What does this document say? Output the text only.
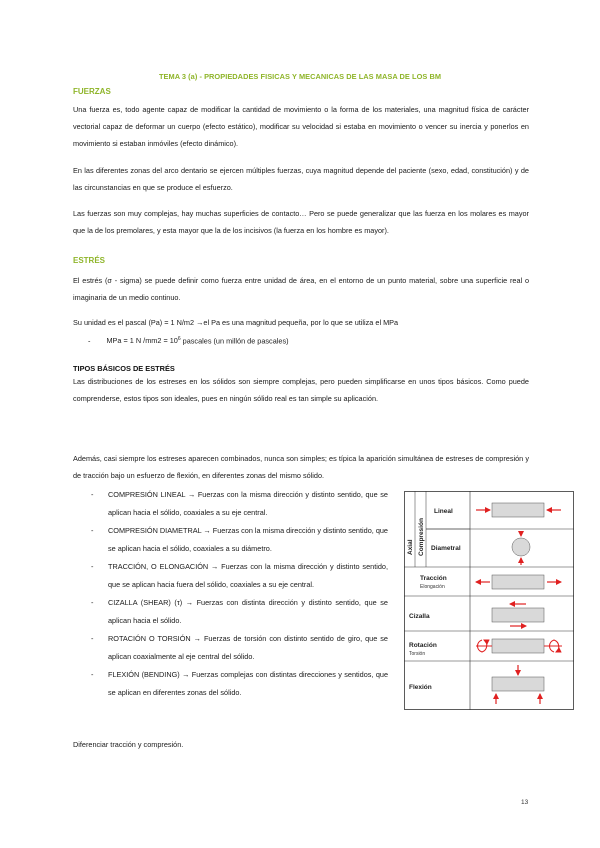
TEMA 3 (a) - PROPIEDADES FISICAS Y MECANICAS DE LAS MASA DE LOS BM
FUERZAS
Una fuerza es, todo agente capaz de modificar la cantidad de movimiento o la forma de los materiales, una magnitud física de carácter vectorial capaz de deformar un cuerpo (efecto estático), modificar su velocidad si estaba en movimiento o vencer su inercia y ponerlos en movimiento si estaban inmóviles (efecto dinámico).
En las diferentes zonas del arco dentario se ejercen múltiples fuerzas, cuya magnitud depende del paciente (sexo, edad, constitución) y de las circunstancias en que se produce el esfuerzo.
Las fuerzas son muy complejas, hay muchas superficies de contacto… Pero se puede generalizar que las fuerza en los molares es mayor que la de los premolares, y esta mayor que la de los incisivos (la fuerza en los hombre es mayor).
ESTRÉS
El estrés (σ - sigma) se puede definir como fuerza entre unidad de área, en el entorno de un punto material, sobre una superficie real o imaginaria de un medio continuo.
Su unidad es el pascal (Pa) = 1 N/m2 →el Pa es una magnitud pequeña, por lo que se utiliza el MPa
- MPa = 1 N $/mm2 = 10^6$ pascales (un millón de pascales)
TIPOS BÁSICOS DE ESTRÉS
Las distribuciones de los estreses en los sólidos son siempre complejas, pero pueden simplificarse en unos tipos básicos. Como puede comprenderse, estos tipos son ideales, pues en ningún sólido real es tan simple su aplicación.
Además, casi siempre los estreses aparecen combinados, nunca son simples; es típica la aparición simultánea de estreses de compresión y de tracción bajo un esfuerzo de flexión, en diferentes zonas del mismo sólido.
- COMPRESIÓN LINEAL → Fuerzas con la misma dirección y distinto sentido, que se aplican hacia el sólido, coaxiales a su eje central.
- COMPRESIÓN DIAMETRAL → Fuerzas con la misma dirección y distinto sentido, que se aplican hacia el sólido, coaxiales a su diámetro.
- TRACCIÓN, O ELONGACIÓN → Fuerzas con la misma dirección y distinto sentido, que se aplican hacia fuera del sólido, coaxiales a su eje central.
- CIZALLA (SHEAR) (τ) → Fuerzas con distinta dirección y distinto sentido, que se aplican hacia el sólido.
- ROTACIÓN O TORSIÓN → Fuerzas de torsión con distinto sentido de giro, que se aplican coaxialmente al eje central del sólido.
- FLEXIÓN (BENDING) → Fuerzas complejas con distintas direcciones y sentidos, que se aplican en diferentes zonas del sólido.
Diferenciar tracción y compresión.
Axial Compresión
Lineal
Diametral
Tracción
Elongación
Cizalla
Rotación
Torsión
Flexión
13
